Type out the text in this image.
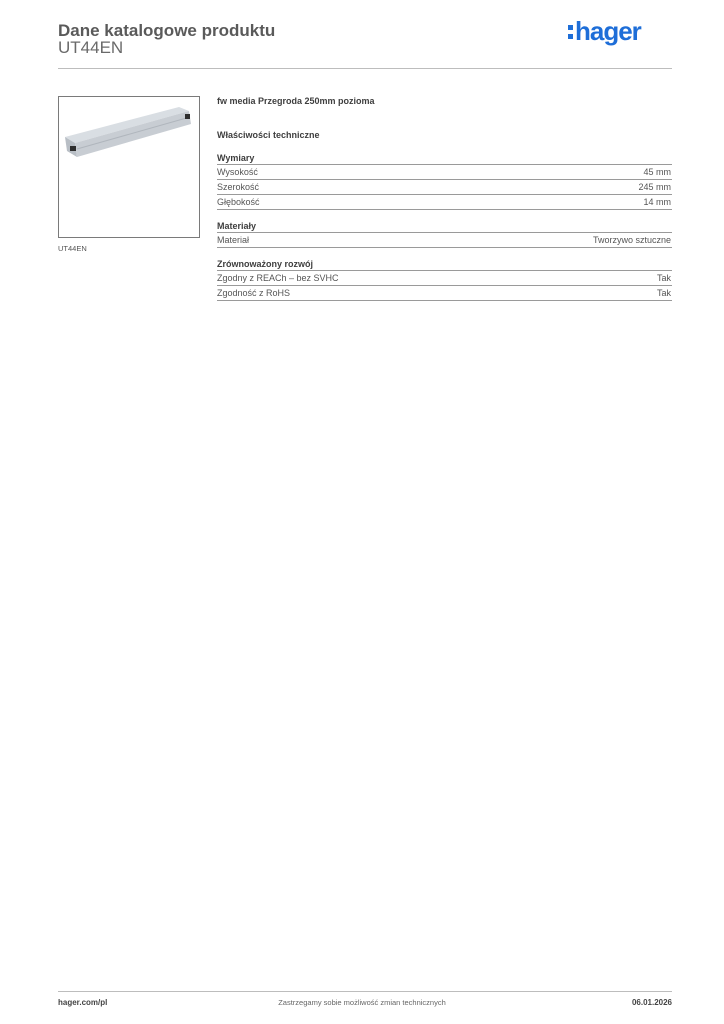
Dane katalogowe produktu
UT44EN
hager
UT44EN
fw media Przegroda 250mm pozioma
Właściwości techniczne
Wymiary
Wysokość	45 mm
Szerokość	245 mm
Głębokość	14 mm
Materiały
Materiał	Tworzywo sztuczne
Zrównoważony rozwój
Zgodny z REACh – bez SVHC	Tak
Zgodność z RoHS	Tak
hager.com/pl	Zastrzegamy sobie możliwość zmian technicznych	06.01.2026
